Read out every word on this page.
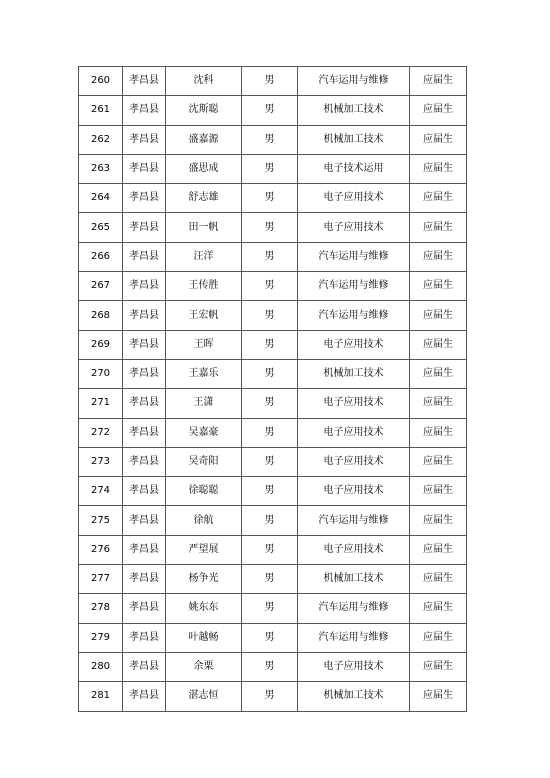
260	孝昌县	沈科	男	汽车运用与维修	应届生
261	孝昌县	沈斯聪	男	机械加工技术	应届生
262	孝昌县	盛嘉源	男	机械加工技术	应届生
263	孝昌县	盛思成	男	电子技术运用	应届生
264	孝昌县	舒志雄	男	电子应用技术	应届生
265	孝昌县	田一帆	男	电子应用技术	应届生
266	孝昌县	汪洋	男	汽车运用与维修	应届生
267	孝昌县	王传胜	男	汽车运用与维修	应届生
268	孝昌县	王宏帆	男	汽车运用与维修	应届生
269	孝昌县	王晖	男	电子应用技术	应届生
270	孝昌县	王嘉乐	男	机械加工技术	应届生
271	孝昌县	王潇	男	电子应用技术	应届生
272	孝昌县	吴嘉豪	男	电子应用技术	应届生
273	孝昌县	吴奇阳	男	电子应用技术	应届生
274	孝昌县	徐聪聪	男	电子应用技术	应届生
275	孝昌县	徐航	男	汽车运用与维修	应届生
276	孝昌县	严望展	男	电子应用技术	应届生
277	孝昌县	杨争光	男	机械加工技术	应届生
278	孝昌县	姚东东	男	汽车运用与维修	应届生
279	孝昌县	叶越畅	男	汽车运用与维修	应届生
280	孝昌县	余栗	男	电子应用技术	应届生
281	孝昌县	湛志恒	男	机械加工技术	应届生
